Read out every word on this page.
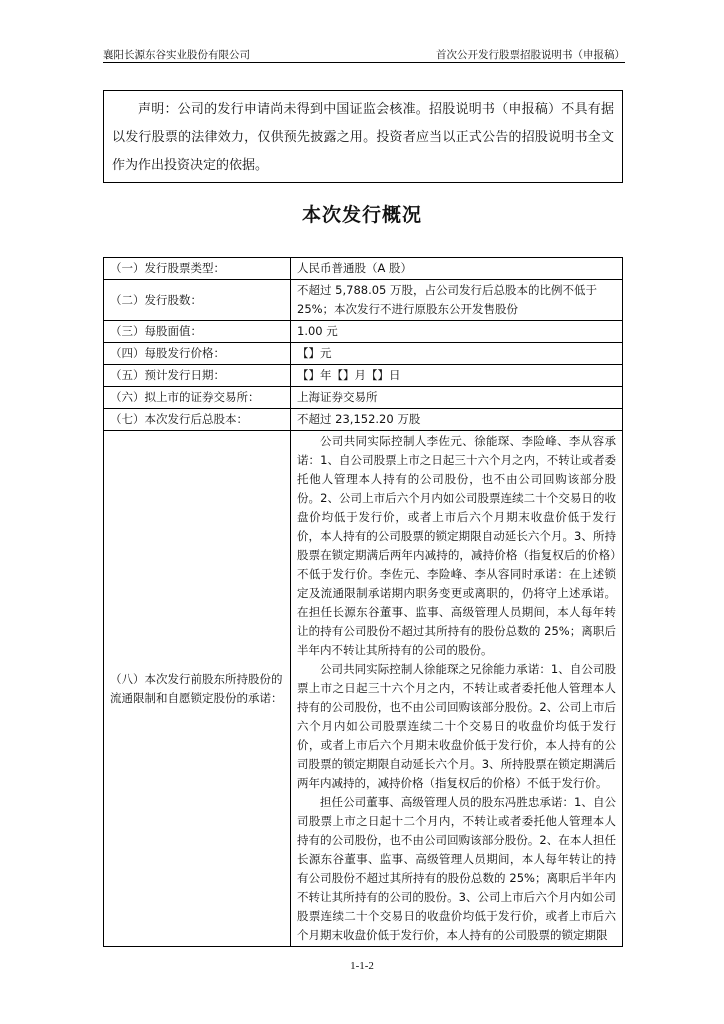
襄阳长源东谷实业股份有限公司	首次公开发行股票招股说明书（申报稿）
声明：公司的发行申请尚未得到中国证监会核准。招股说明书（申报稿）不具有据以发行股票的法律效力，仅供预先披露之用。投资者应当以正式公告的招股说明书全文作为作出投资决定的依据。
本次发行概况
（一）发行股票类型：	人民币普通股（A 股）
（二）发行股数：	不超过 5,788.05 万股，占公司发行后总股本的比例不低于 25%；本次发行不进行原股东公开发售股份
（三）每股面值：	1.00 元
（四）每股发行价格：	【】元
（五）预计发行日期：	【】年【】月【】日
（六）拟上市的证券交易所：	上海证券交易所
（七）本次发行后总股本：	不超过 23,152.20 万股
（八）本次发行前股东所持股份的流通限制和自愿锁定股份的承诺：	公司共同实际控制人李佐元、徐能琛、李险峰、李从容承诺：1、自公司股票上市之日起三十六个月之内，不转让或者委托他人管理本人持有的公司股份，也不由公司回购该部分股份。2、公司上市后六个月内如公司股票连续二十个交易日的收盘价均低于发行价，或者上市后六个月期末收盘价低于发行价，本人持有的公司股票的锁定期限自动延长六个月。3、所持股票在锁定期满后两年内减持的，减持价格（指复权后的价格）不低于发行价。李佐元、李险峰、李从容同时承诺：在上述锁定及流通限制承诺期内职务变更或离职的，仍将守上述承诺。在担任长源东谷董事、监事、高级管理人员期间，本人每年转让的持有公司股份不超过其所持有的股份总数的 25%；离职后半年内不转让其所持有的公司的股份。

公司共同实际控制人徐能琛之兄徐能力承诺：1、自公司股票上市之日起三十六个月之内，不转让或者委托他人管理本人持有的公司股份，也不由公司回购该部分股份。2、公司上市后六个月内如公司股票连续二十个交易日的收盘价均低于发行价，或者上市后六个月期末收盘价低于发行价，本人持有的公司股票的锁定期限自动延长六个月。3、所持股票在锁定期满后两年内减持的，减持价格（指复权后的价格）不低于发行价。

担任公司董事、高级管理人员的股东冯胜忠承诺：1、自公司股票上市之日起十二个月内，不转让或者委托他人管理本人持有的公司股份，也不由公司回购该部分股份。2、在本人担任长源东谷董事、监事、高级管理人员期间，本人每年转让的持有公司股份不超过其所持有的股份总数的 25%；离职后半年内不转让其所持有的公司的股份。3、公司上市后六个月内如公司股票连续二十个交易日的收盘价均低于发行价，或者上市后六个月期末收盘价低于发行价，本人持有的公司股票的锁定期限

1-1-2
